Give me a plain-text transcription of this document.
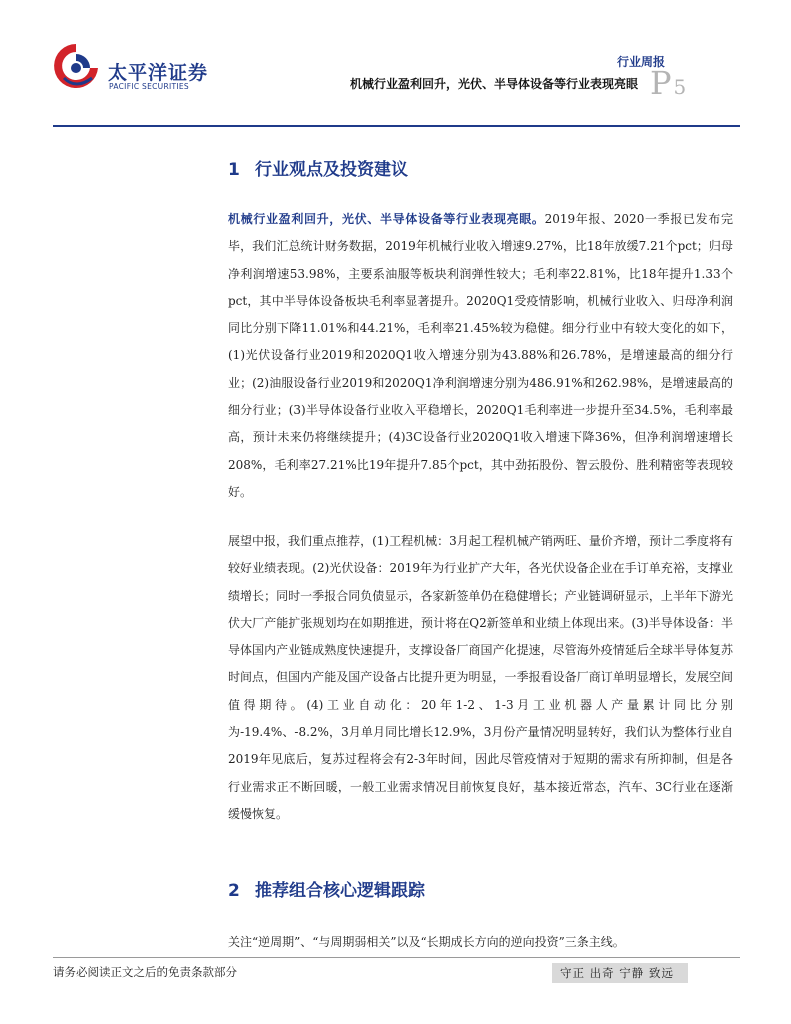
太平洋证券
PACIFIC SECURITIES
行业周报
机械行业盈利回升，光伏、半导体设备等行业表现亮眼 P 5
1 行业观点及投资建议

机械行业盈利回升，光伏、半导体设备等行业表现亮眼。2019年报、2020一季报已发布完毕，我们汇总统计财务数据，2019年机械行业收入增速9.27%，比18年放缓7.21个pct；归母净利润增速53.98%，主要系油服等板块利润弹性较大；毛利率22.81%，比18年提升1.33个pct，其中半导体设备板块毛利率显著提升。2020Q1受疫情影响，机械行业收入、归母净利润同比分别下降11.01%和44.21%，毛利率21.45%较为稳健。细分行业中有较大变化的如下，(1)光伏设备行业2019和2020Q1收入增速分别为43.88%和26.78%，是增速最高的细分行业；(2)油服设备行业2019和2020Q1净利润增速分别为486.91%和262.98%，是增速最高的细分行业；(3)半导体设备行业收入平稳增长，2020Q1毛利率进一步提升至34.5%，毛利率最高，预计未来仍将继续提升；(4)3C设备行业2020Q1收入增速下降36%，但净利润增速增长208%，毛利率27.21%比19年提升7.85个pct，其中劲拓股份、智云股份、胜利精密等表现较好。

展望中报，我们重点推荐，(1)工程机械：3月起工程机械产销两旺、量价齐增，预计二季度将有较好业绩表现。(2)光伏设备：2019年为行业扩产大年，各光伏设备企业在手订单充裕，支撑业绩增长；同时一季报合同负债显示，各家新签单仍在稳健增长；产业链调研显示，上半年下游光伏大厂产能扩张规划均在如期推进，预计将在Q2新签单和业绩上体现出来。(3)半导体设备：半导体国内产业链成熟度快速提升，支撑设备厂商国产化提速，尽管海外疫情延后全球半导体复苏时间点，但国内产能及国产设备占比提升更为明显，一季报看设备厂商订单明显增长，发展空间值得期待。(4)工业自动化：20年1-2、1-3月工业机器人产量累计同比分别为-19.4%、-8.2%，3月单月同比增长12.9%，3月份产量情况明显转好，我们认为整体行业自2019年见底后，复苏过程将会有2-3年时间，因此尽管疫情对于短期的需求有所抑制，但是各行业需求正不断回暖，一般工业需求情况目前恢复良好，基本接近常态，汽车、3C行业在逐渐缓慢恢复。

2 推荐组合核心逻辑跟踪

关注“逆周期”、“与周期弱相关”以及“长期成长方向的逆向投资”三条主线。

请务必阅读正文之后的免责条款部分	守正 出奇 宁静 致远
